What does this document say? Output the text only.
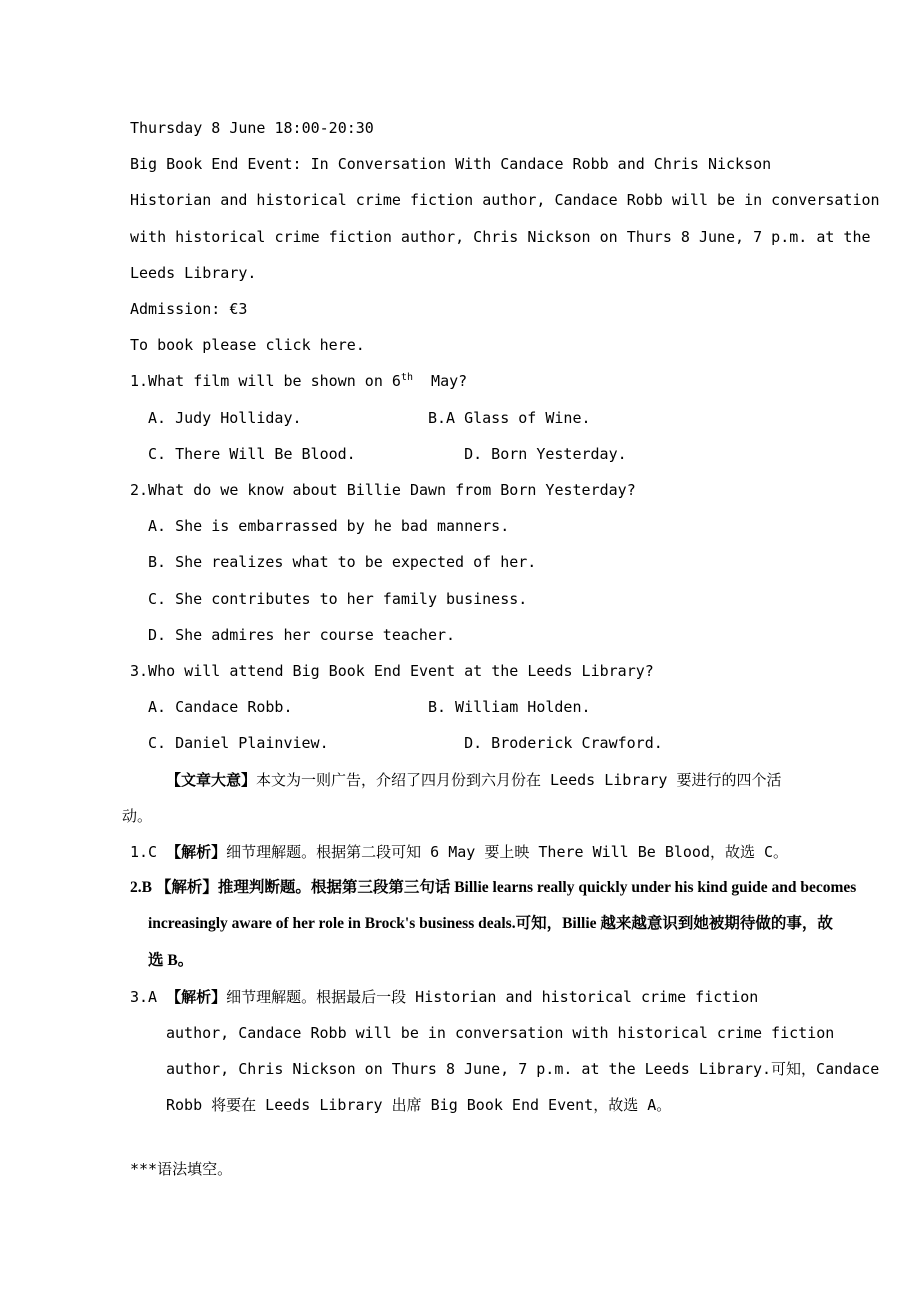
Thursday 8 June 18:00-20:30
Big Book End Event: In Conversation With Candace Robb and Chris Nickson
Historian and historical crime fiction author, Candace Robb will be in conversation
with historical crime fiction author, Chris Nickson on Thurs 8 June, 7 p.m. at the
Leeds Library.
Admission: €3
To book please click here.
1.What film will be shown on 6th  May?
A. Judy Holliday.              B.A Glass of Wine.
C. There Will Be Blood.            D. Born Yesterday.
2.What do we know about Billie Dawn from Born Yesterday?
A. She is embarrassed by he bad manners.
B. She realizes what to be expected of her.
C. She contributes to her family business.
D. She admires her course teacher.
3.Who will attend Big Book End Event at the Leeds Library?
A. Candace Robb.               B. William Holden.
C. Daniel Plainview.               D. Broderick Crawford.
【文章大意】本文为一则广告，介绍了四月份到六月份在 Leeds Library 要进行的四个活
动。
1.C 【解析】细节理解题。根据第二段可知 6 May 要上映 There Will Be Blood，故选 C。
2.B 【解析】推理判断题。根据第三段第三句话 Billie learns really quickly under his kind guide and becomes
increasingly aware of her role in Brock's business deals.可知，Billie 越来越意识到她被期待做的事，故
选 B。
3.A 【解析】细节理解题。根据最后一段 Historian and historical crime fiction
author, Candace Robb will be in conversation with historical crime fiction
author, Chris Nickson on Thurs 8 June, 7 p.m. at the Leeds Library.可知，Candace
Robb 将要在 Leeds Library 出席 Big Book End Event，故选 A。
***语法填空。
